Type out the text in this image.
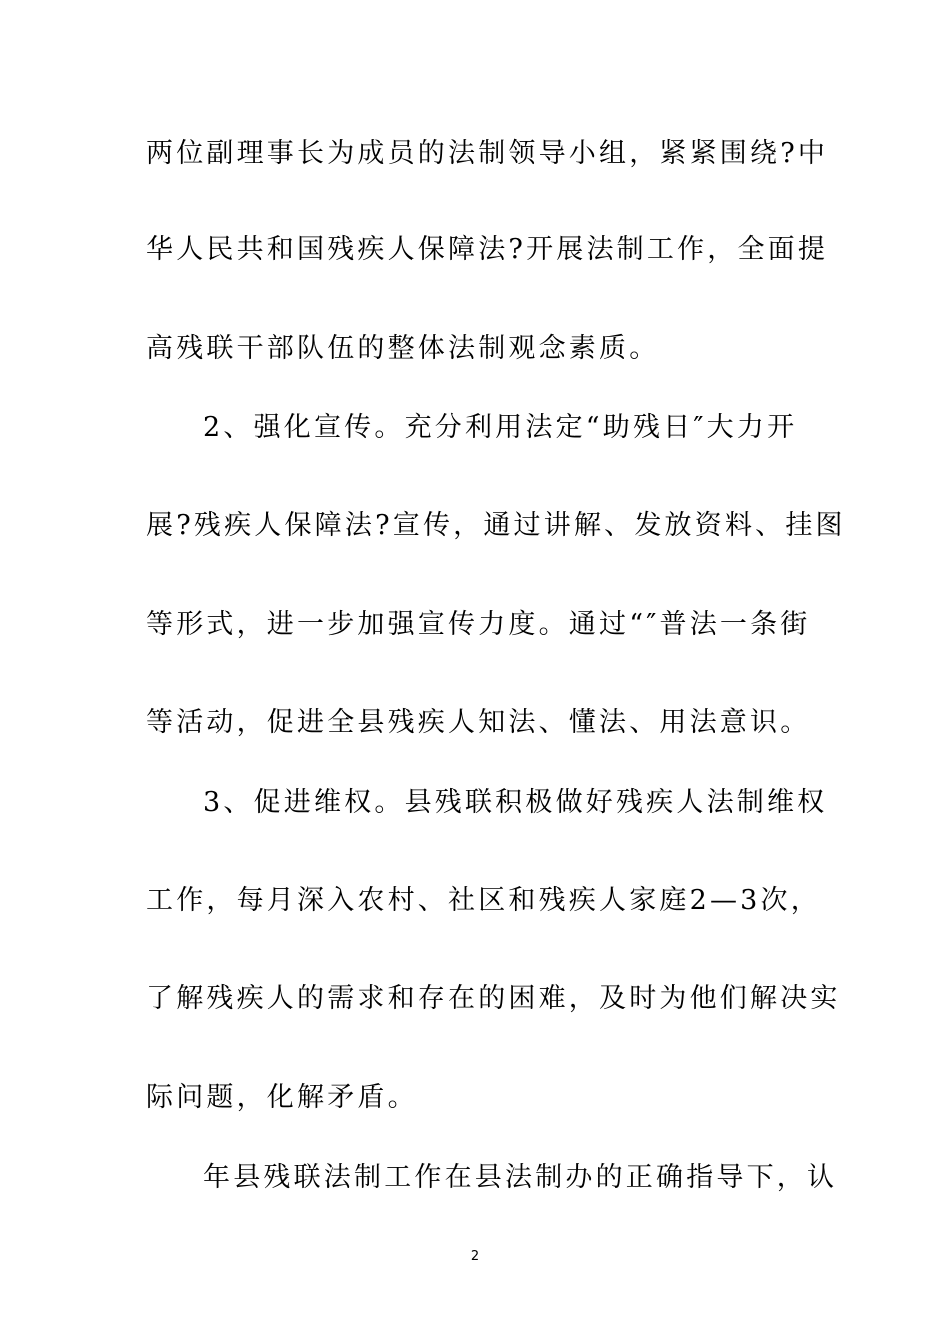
两位副理事长为成员的法制领导小组，紧紧围绕?中
华人民共和国残疾人保障法?开展法制工作，全面提
高残联干部队伍的整体法制观念素质。
2、强化宣传。充分利用法定“助残日″大力开
展?残疾人保障法?宣传，通过讲解、发放资料、挂图
等形式，进一步加强宣传力度。通过“″普法一条街
等活动，促进全县残疾人知法、懂法、用法意识。
3、促进维权。县残联积极做好残疾人法制维权
工作，每月深入农村、社区和残疾人家庭2—3次，
了解残疾人的需求和存在的困难，及时为他们解决实
际问题，化解矛盾。
年县残联法制工作在县法制办的正确指导下，认
2
